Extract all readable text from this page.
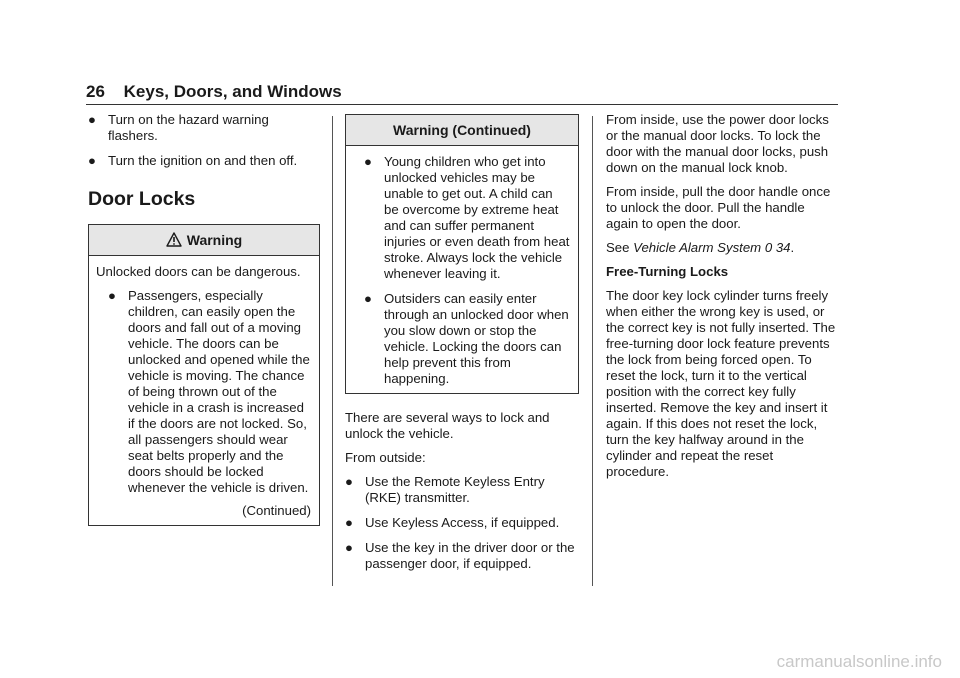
26 Keys, Doors, and Windows
● Turn on the hazard warning flashers.
● Turn the ignition on and then off.
Door Locks
Warning

Unlocked doors can be dangerous.

● Passengers, especially children, can easily open the doors and fall out of a moving vehicle. The doors can be unlocked and opened while the vehicle is moving. The chance of being thrown out of the vehicle in a crash is increased if the doors are not locked. So, all passengers should wear seat belts properly and the doors should be locked whenever the vehicle is driven.
(Continued)
Warning (Continued)
● Young children who get into unlocked vehicles may be unable to get out. A child can be overcome by extreme heat and can suffer permanent injuries or even death from heat stroke. Always lock the vehicle whenever leaving it.
● Outsiders can easily enter through an unlocked door when you slow down or stop the vehicle. Locking the doors can help prevent this from happening.

There are several ways to lock and unlock the vehicle.

From outside:

● Use the Remote Keyless Entry (RKE) transmitter.
● Use Keyless Access, if equipped.
● Use the key in the driver door or the passenger door, if equipped.

From inside, use the power door locks or the manual door locks. To lock the door with the manual door locks, push down on the manual lock knob.

From inside, pull the door handle once to unlock the door. Pull the handle again to open the door.

See Vehicle Alarm System 0 34.

Free-Turning Locks

The door key lock cylinder turns freely when either the wrong key is used, or the correct key is not fully inserted. The free-turning door lock feature prevents the lock from being forced open. To reset the lock, turn it to the vertical position with the correct key fully inserted. Remove the key and insert it again. If this does not reset the lock, turn the key halfway around in the cylinder and repeat the reset procedure.

carmanualsonline.info
